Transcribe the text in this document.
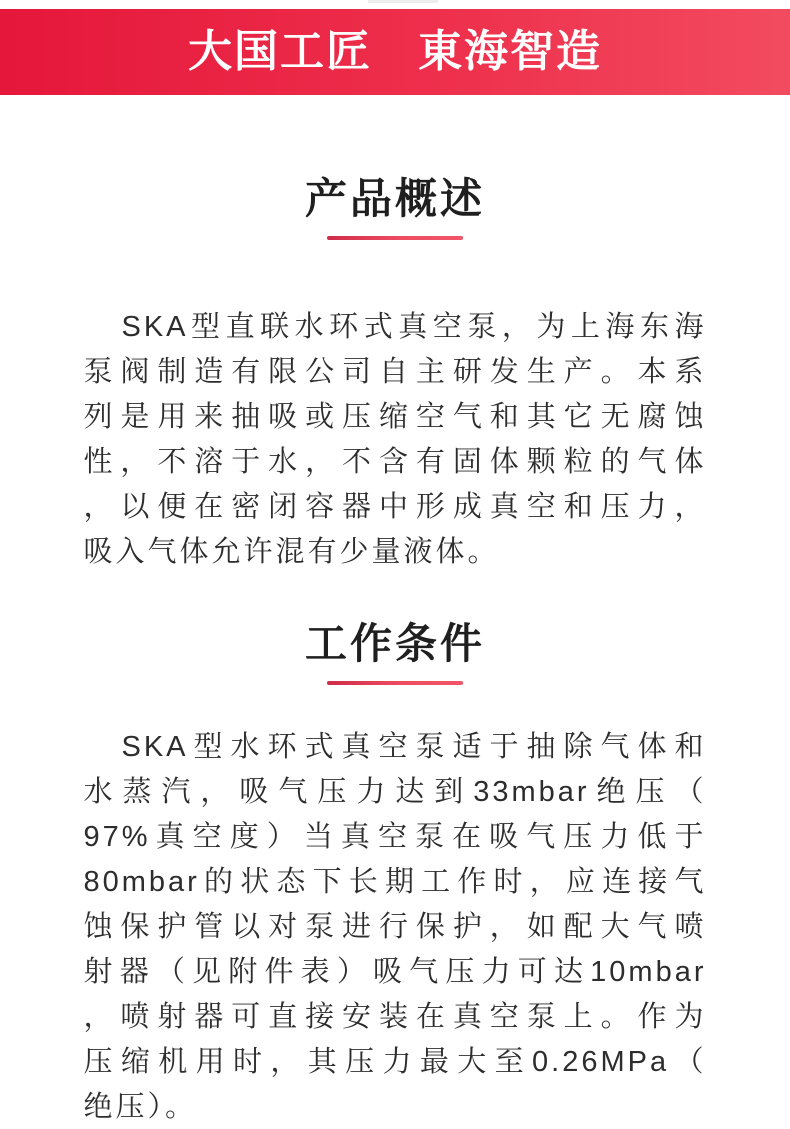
大国工匠　東海智造
产品概述
SKA型直联水环式真空泵，为上海东海
泵阀制造有限公司自主研发生产。本系
列是用来抽吸或压缩空气和其它无腐蚀
性，不溶于水，不含有固体颗粒的气体
，以便在密闭容器中形成真空和压力，
吸入气体允许混有少量液体。
工作条件
SKA型水环式真空泵适于抽除气体和
水蒸汽，吸气压力达到33mbar绝压（
97%真空度）当真空泵在吸气压力低于
80mbar的状态下长期工作时，应连接气
蚀保护管以对泵进行保护，如配大气喷
射器（见附件表）吸气压力可达10mbar
，喷射器可直接安装在真空泵上。作为
压缩机用时，其压力最大至0.26MPa（
绝压）。
